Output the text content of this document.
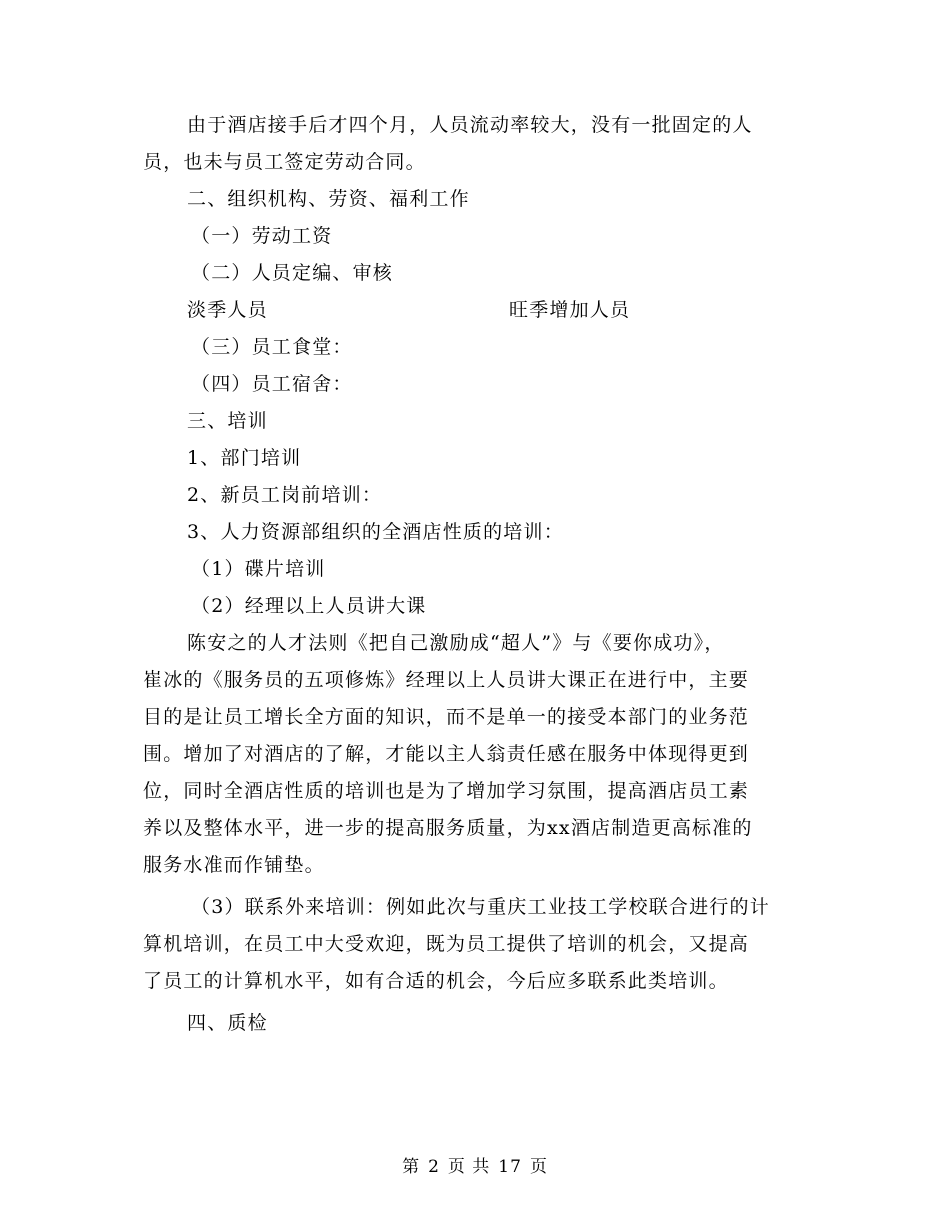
由于酒店接手后才四个月，人员流动率较大，没有一批固定的人
员，也未与员工签定劳动合同。
二、组织机构、劳资、福利工作
（一）劳动工资
（二）人员定编、审核
淡季人员	旺季增加人员
（三）员工食堂：
（四）员工宿舍：
三、培训
1、部门培训
2、新员工岗前培训：
3、人力资源部组织的全酒店性质的培训：
（1）碟片培训
（2）经理以上人员讲大课
陈安之的人才法则《把自己激励成“超人”》与《要你成功》，
崔冰的《服务员的五项修炼》经理以上人员讲大课正在进行中，主要
目的是让员工增长全方面的知识，而不是单一的接受本部门的业务范
围。增加了对酒店的了解，才能以主人翁责任感在服务中体现得更到
位，同时全酒店性质的培训也是为了增加学习氛围，提高酒店员工素
养以及整体水平，进一步的提高服务质量，为xx酒店制造更高标准的
服务水准而作铺垫。
（3）联系外来培训：例如此次与重庆工业技工学校联合进行的计
算机培训，在员工中大受欢迎，既为员工提供了培训的机会，又提高
了员工的计算机水平，如有合适的机会，今后应多联系此类培训。
四、质检
第 2 页 共 17 页
